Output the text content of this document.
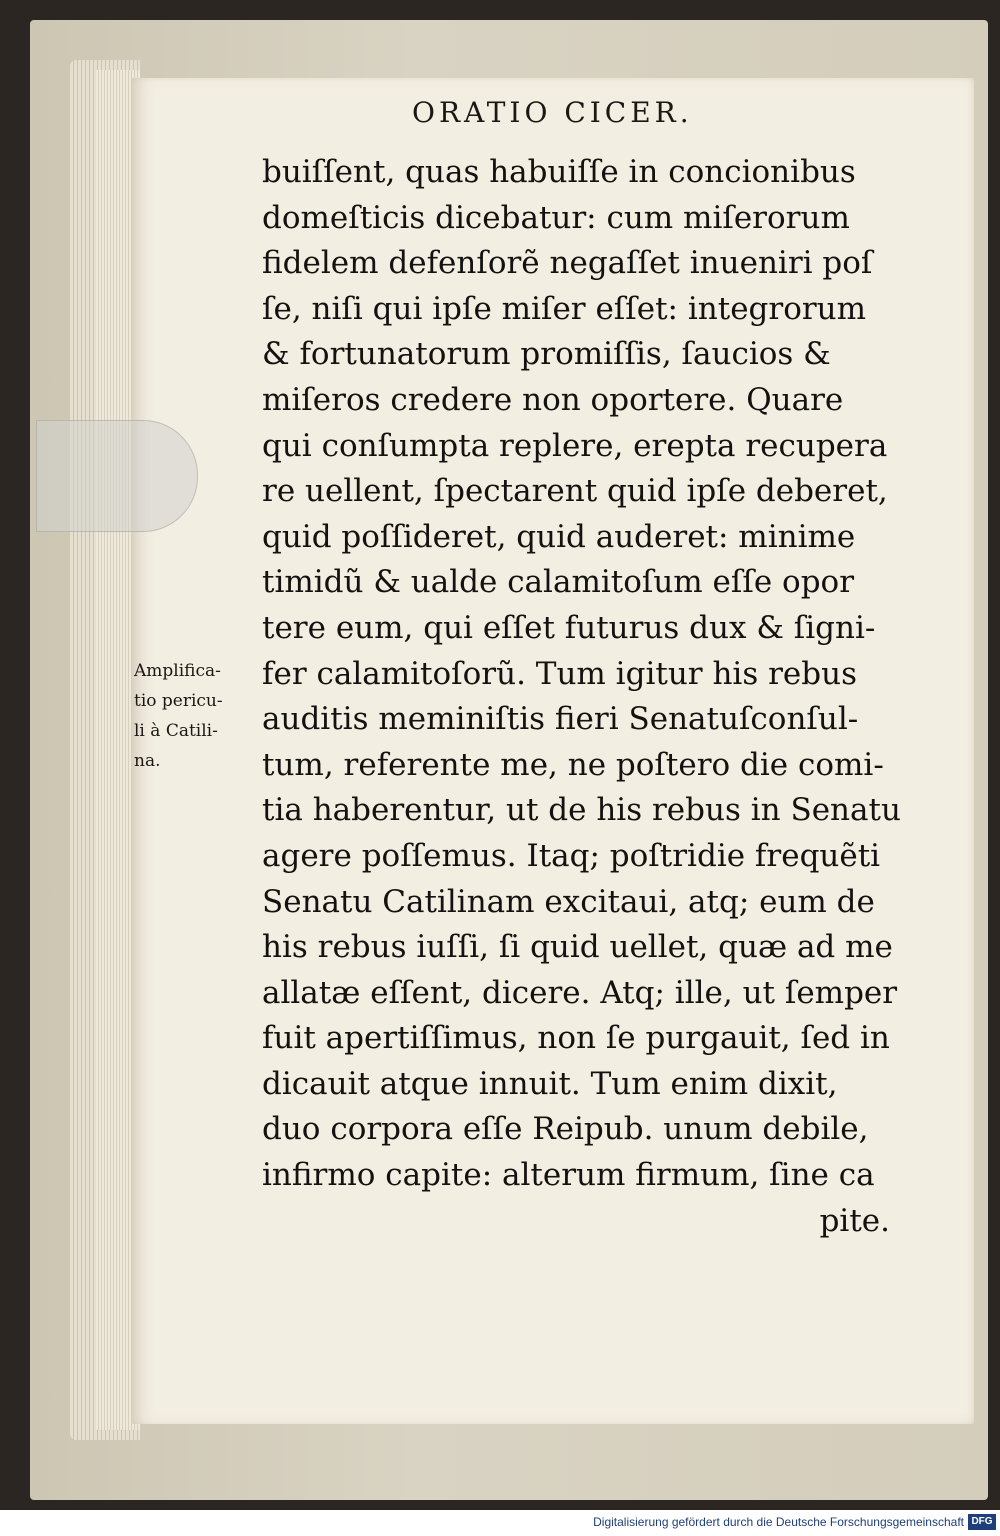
ORATIO CICER.
buiſſent, quas habuiſſe in concionibus
domeſticis dicebatur: cum miſerorum
fidelem defenſorẽ negaſſet inueniri poſ
ſe, niſi qui ipſe miſer eſſet: integrorum
& fortunatorum promiſſis, ſaucios &
miſeros credere non oportere. Quare
qui conſumpta replere, erepta recupera
re uellent, ſpectarent quid ipſe deberet,
quid poſſideret, quid auderet: minime
timidũ & ualde calamitoſum eſſe opor
tere eum, qui eſſet futurus dux & ſigni-
fer calamitoſorũ. Tum igitur his rebus
auditis meminiſtis fieri Senatuſconſul-
tum, referente me, ne poſtero die comi-
tia haberentur, ut de his rebus in Senatu
agere poſſemus. Itaq; poſtridie frequẽti
Senatu Catilinam excitaui, atq; eum de
his rebus iuſſi, ſi quid uellet, quæ ad me
allatæ eſſent, dicere. Atq; ille, ut ſemper
fuit apertiſſimus, non ſe purgauit, ſed in
dicauit atque innuit. Tum enim dixit,
duo corpora eſſe Reipub. unum debile,
infirmo capite: alterum firmum, ſine ca
pite.
Amplifica-
tio pericu-
li à Catili-
na.
Digitalisierung gefördert durch die Deutsche Forschungsgemeinschaft DFG
